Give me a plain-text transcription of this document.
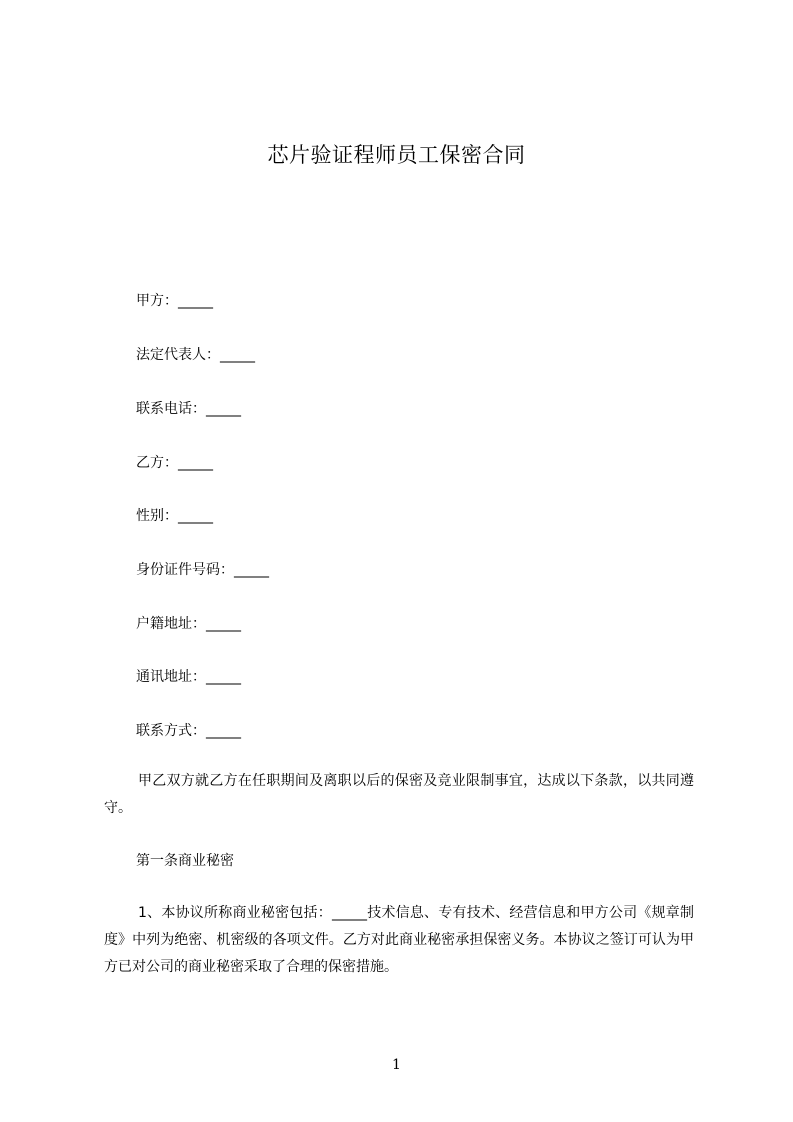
芯片验证程师员工保密合同
甲方：_____
法定代表人：_____
联系电话：_____
乙方：_____
性别：_____
身份证件号码：_____
户籍地址：_____
通讯地址：_____
联系方式：_____
甲乙双方就乙方在任职期间及离职以后的保密及竞业限制事宜，达成以下条款，以共同遵守。
第一条商业秘密
1、本协议所称商业秘密包括：_____技术信息、专有技术、经营信息和甲方公司《规章制度》中列为绝密、机密级的各项文件。乙方对此商业秘密承担保密义务。本协议之签订可认为甲方已对公司的商业秘密采取了合理的保密措施。
1
